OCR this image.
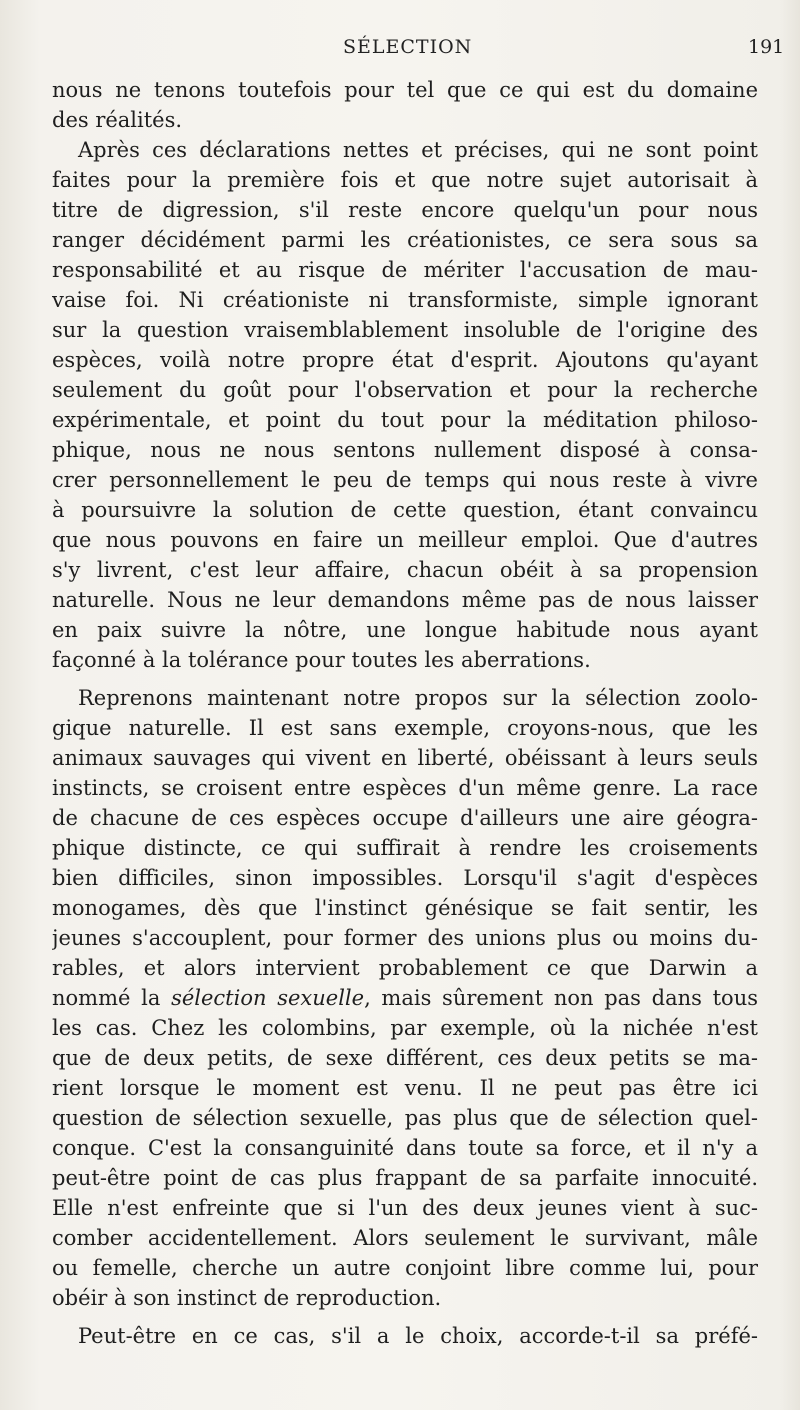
SÉLECTION	191
nous ne tenons toutefois pour tel que ce qui est du domaine
des réalités.
Après ces déclarations nettes et précises, qui ne sont point
faites pour la première fois et que notre sujet autorisait à
titre de digression, s'il reste encore quelqu'un pour nous
ranger décidément parmi les créationistes, ce sera sous sa
responsabilité et au risque de mériter l'accusation de mau-
vaise foi. Ni créationiste ni transformiste, simple ignorant
sur la question vraisemblablement insoluble de l'origine des
espèces, voilà notre propre état d'esprit. Ajoutons qu'ayant
seulement du goût pour l'observation et pour la recherche
expérimentale, et point du tout pour la méditation philoso-
phique, nous ne nous sentons nullement disposé à consa-
crer personnellement le peu de temps qui nous reste à vivre
à poursuivre la solution de cette question, étant convaincu
que nous pouvons en faire un meilleur emploi. Que d'autres
s'y livrent, c'est leur affaire, chacun obéit à sa propension
naturelle. Nous ne leur demandons même pas de nous laisser
en paix suivre la nôtre, une longue habitude nous ayant
façonné à la tolérance pour toutes les aberrations.
Reprenons maintenant notre propos sur la sélection zoolo-
gique naturelle. Il est sans exemple, croyons-nous, que les
animaux sauvages qui vivent en liberté, obéissant à leurs seuls
instincts, se croisent entre espèces d'un même genre. La race
de chacune de ces espèces occupe d'ailleurs une aire géogra-
phique distincte, ce qui suffirait à rendre les croisements
bien difficiles, sinon impossibles. Lorsqu'il s'agit d'espèces
monogames, dès que l'instinct génésique se fait sentir, les
jeunes s'accouplent, pour former des unions plus ou moins du-
rables, et alors intervient probablement ce que Darwin a
nommé la sélection sexuelle, mais sûrement non pas dans tous
les cas. Chez les colombins, par exemple, où la nichée n'est
que de deux petits, de sexe différent, ces deux petits se ma-
rient lorsque le moment est venu. Il ne peut pas être ici
question de sélection sexuelle, pas plus que de sélection quel-
conque. C'est la consanguinité dans toute sa force, et il n'y a
peut-être point de cas plus frappant de sa parfaite innocuité.
Elle n'est enfreinte que si l'un des deux jeunes vient à suc-
comber accidentellement. Alors seulement le survivant, mâle
ou femelle, cherche un autre conjoint libre comme lui, pour
obéir à son instinct de reproduction.
Peut-être en ce cas, s'il a le choix, accorde-t-il sa préfé-
